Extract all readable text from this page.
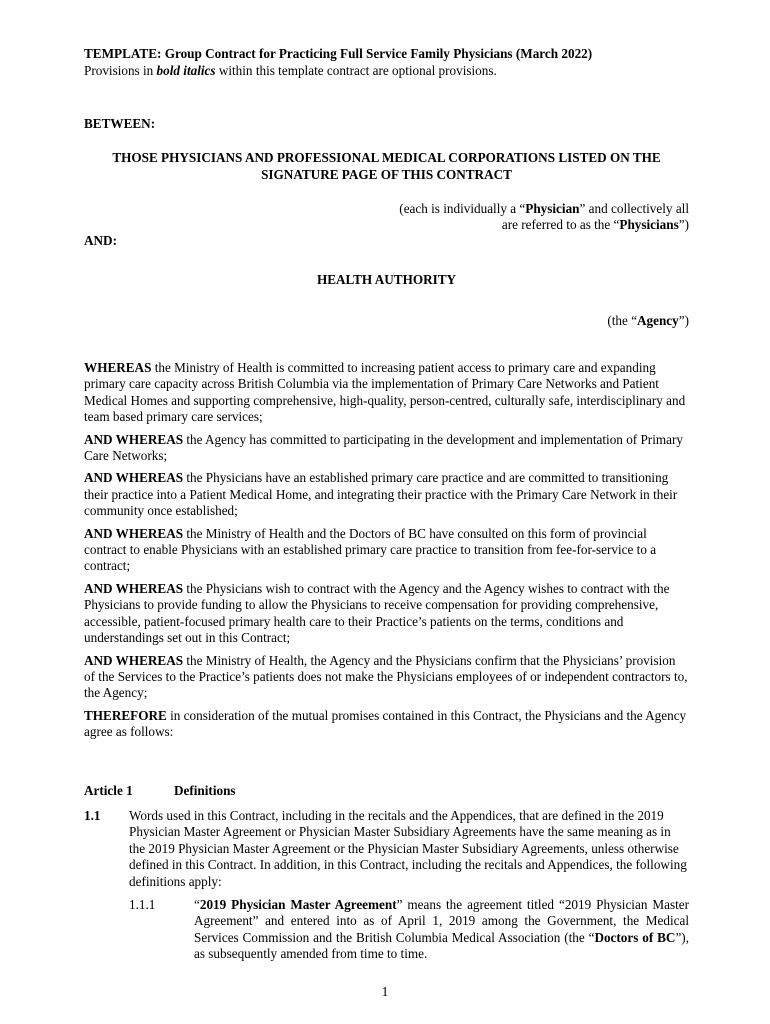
TEMPLATE: Group Contract for Practicing Full Service Family Physicians (March 2022)

Provisions in bold italics within this template contract are optional provisions.

BETWEEN:

THOSE PHYSICIANS AND PROFESSIONAL MEDICAL CORPORATIONS LISTED ON THE

SIGNATURE PAGE OF THIS CONTRACT

(each is individually a “Physician” and collectively all

are referred to as the “Physicians”)

AND:

HEALTH AUTHORITY

(the “Agency”)

WHEREAS the Ministry of Health is committed to increasing patient access to primary care and expanding primary care capacity across British Columbia via the implementation of Primary Care Networks and Patient Medical Homes and supporting comprehensive, high-quality, person-centred, culturally safe, interdisciplinary and team based primary care services;

AND WHEREAS the Agency has committed to participating in the development and implementation of Primary Care Networks;

AND WHEREAS the Physicians have an established primary care practice and are committed to transitioning their practice into a Patient Medical Home, and integrating their practice with the Primary Care Network in their community once established;

AND WHEREAS the Ministry of Health and the Doctors of BC have consulted on this form of provincial contract to enable Physicians with an established primary care practice to transition from fee-for-service to a contract;

AND WHEREAS the Physicians wish to contract with the Agency and the Agency wishes to contract with the Physicians to provide funding to allow the Physicians to receive compensation for providing comprehensive, accessible, patient-focused primary health care to their Practice’s patients on the terms, conditions and understandings set out in this Contract;

AND WHEREAS the Ministry of Health, the Agency and the Physicians confirm that the Physicians’ provision of the Services to the Practice’s patients does not make the Physicians employees of or independent contractors to, the Agency;

THEREFORE in consideration of the mutual promises contained in this Contract, the Physicians and the Agency agree as follows:

Article 1	Definitions

1.1 Words used in this Contract, including in the recitals and the Appendices, that are defined in the 2019 Physician Master Agreement or Physician Master Subsidiary Agreements have the same meaning as in the 2019 Physician Master Agreement or the Physician Master Subsidiary Agreements, unless otherwise defined in this Contract. In addition, in this Contract, including the recitals and Appendices, the following definitions apply:

1.1.1	“2019 Physician Master Agreement” means the agreement titled “2019 Physician Master Agreement” and entered into as of April 1, 2019 among the Government, the Medical Services Commission and the British Columbia Medical Association (the “Doctors of BC”), as subsequently amended from time to time.

1
